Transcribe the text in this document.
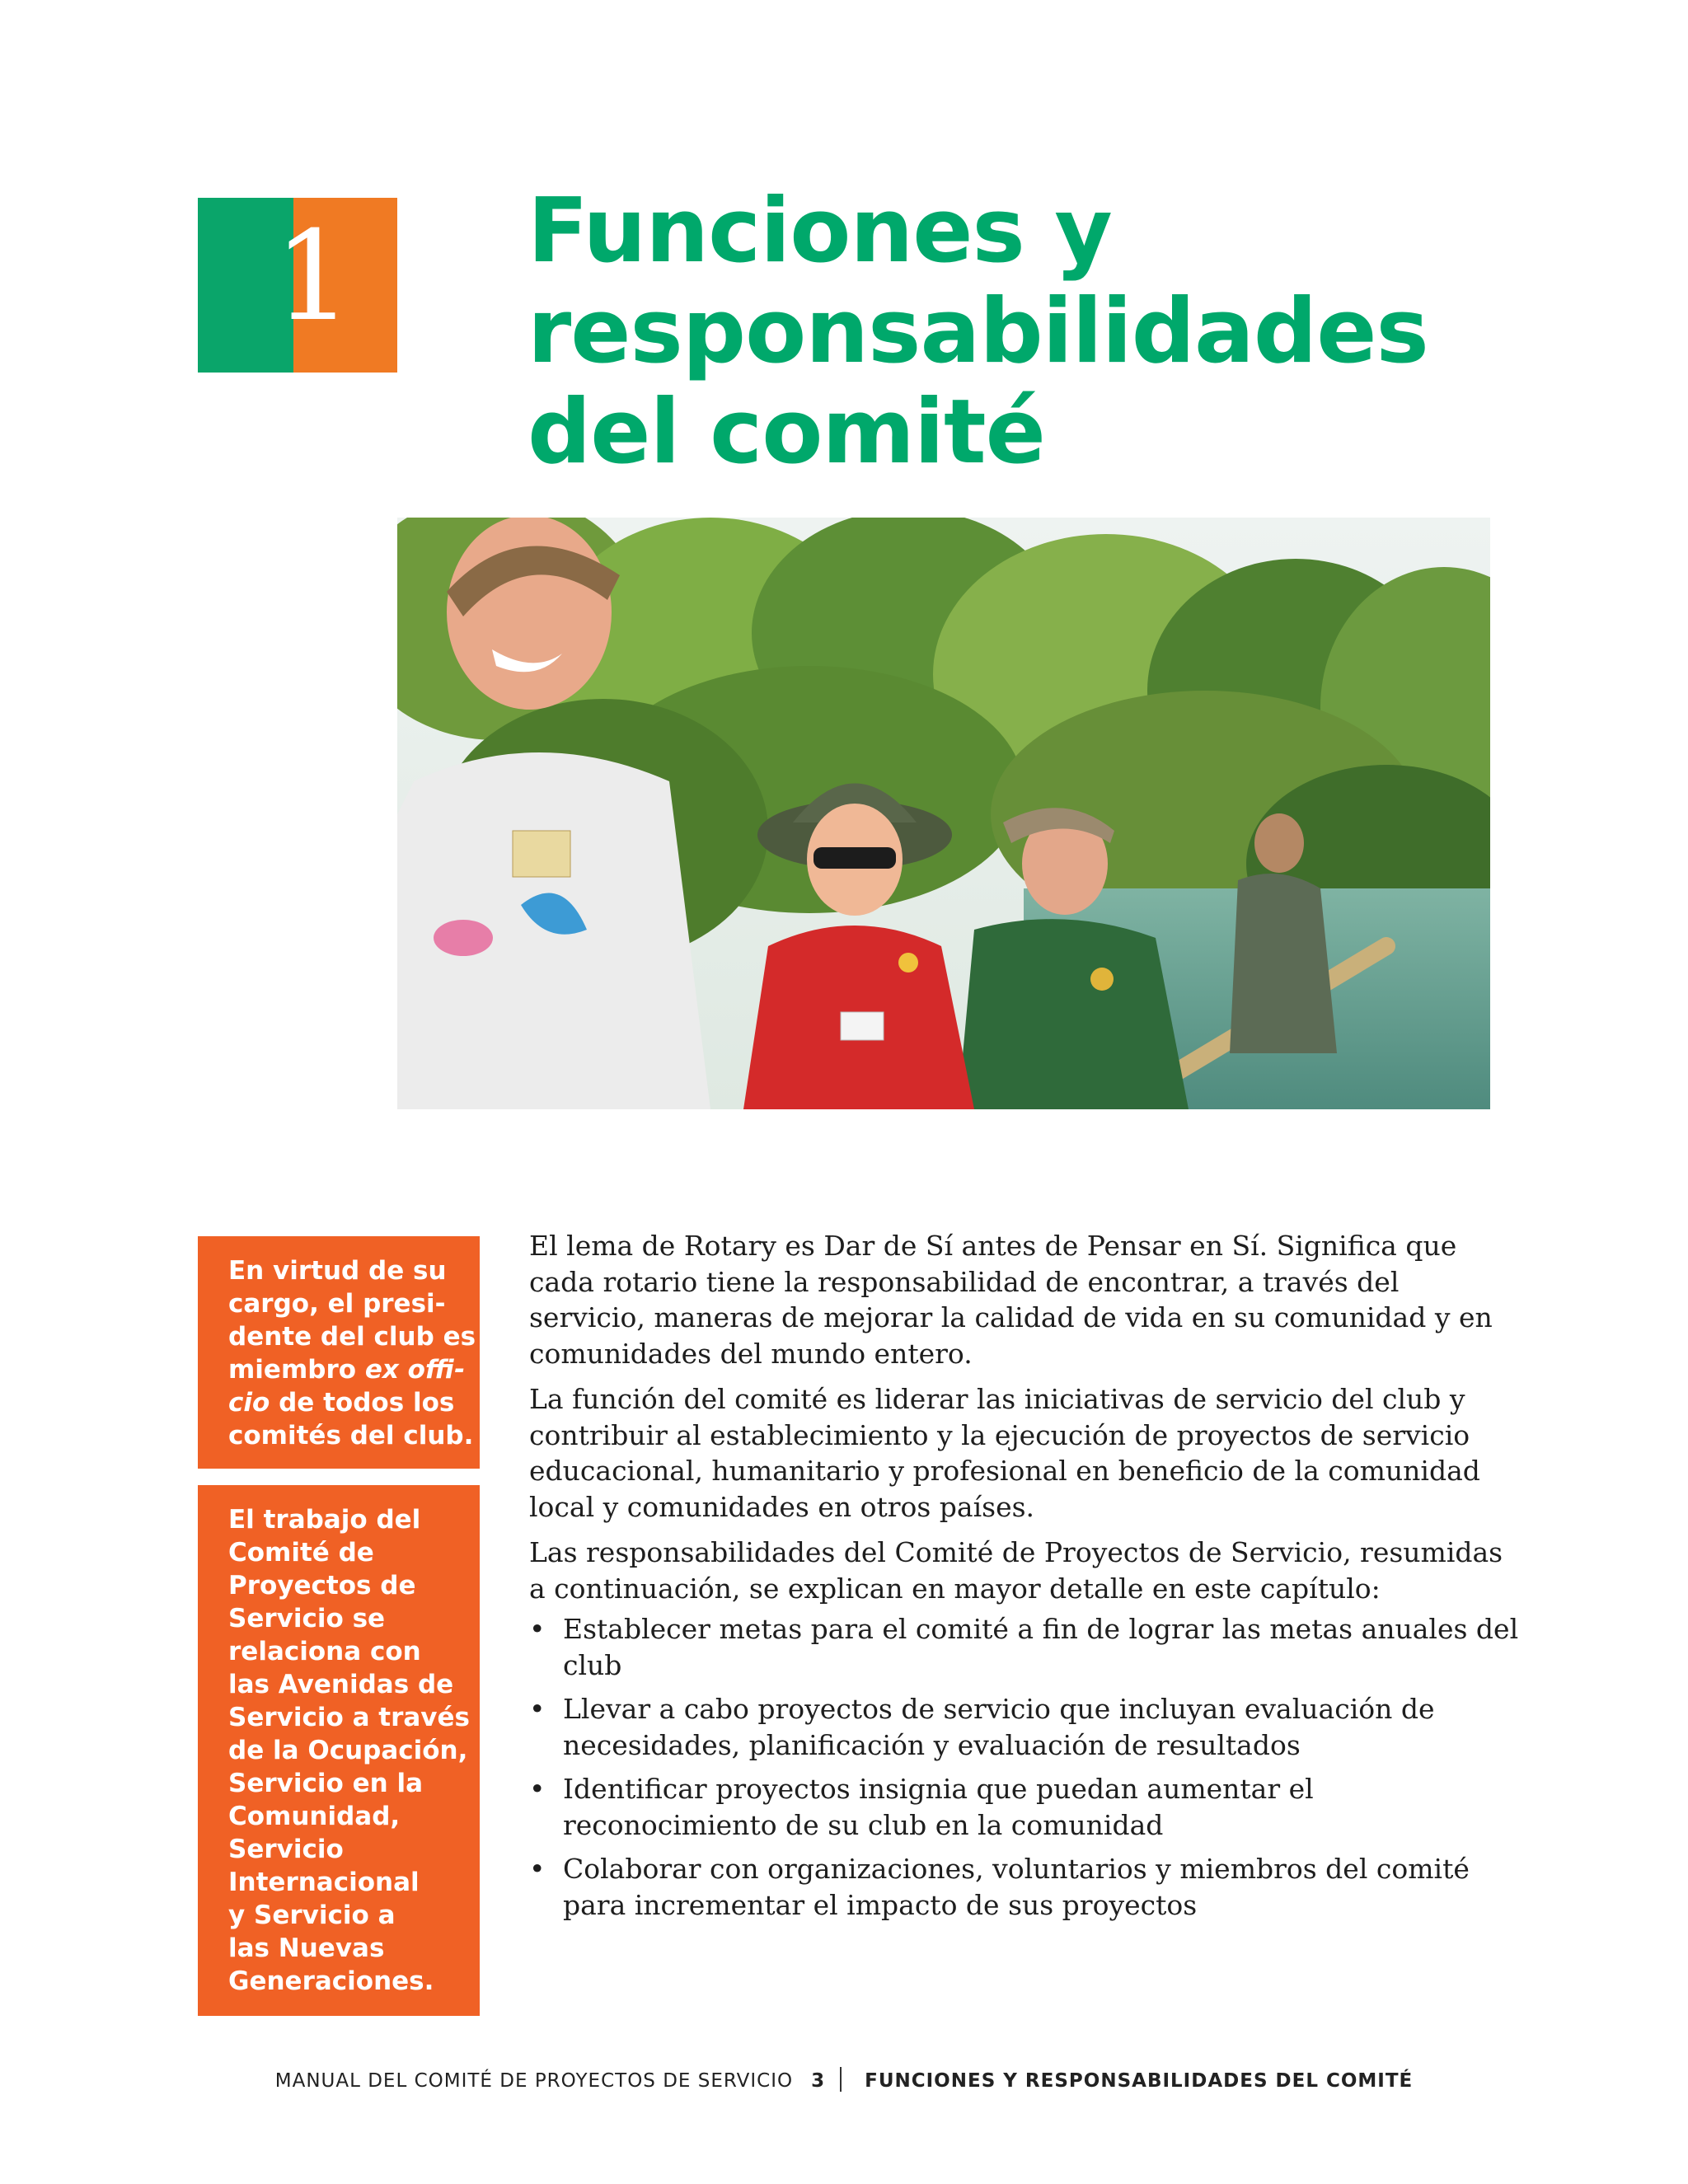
1 Funciones y
responsabilidades
del comité
En virtud de su
cargo, el presi-
dente del club es
miembro ex offi-
cio de todos los
comités del club.
El trabajo del
Comité de
Proyectos de
Servicio se
relaciona con
las Avenidas de
Servicio a través
de la Ocupación,
Servicio en la
Comunidad,
Servicio
Internacional
y Servicio a
las Nuevas
Generaciones.

El lema de Rotary es Dar de Sí antes de Pensar en Sí. Significa que
cada rotario tiene la responsabilidad de encontrar, a través del
servicio, maneras de mejorar la calidad de vida en su comunidad y en
comunidades del mundo entero.

La función del comité es liderar las iniciativas de servicio del club y
contribuir al establecimiento y la ejecución de proyectos de servicio
educacional, humanitario y profesional en beneficio de la comunidad
local y comunidades en otros países.

Las responsabilidades del Comité de Proyectos de Servicio, resumidas
a continuación, se explican en mayor detalle en este capítulo:

• Establecer metas para el comité a fin de lograr las metas anuales del
club
• Llevar a cabo proyectos de servicio que incluyan evaluación de
necesidades, planificación y evaluación de resultados
• Identificar proyectos insignia que puedan aumentar el
reconocimiento de su club en la comunidad
• Colaborar con organizaciones, voluntarios y miembros del comité
para incrementar el impacto de sus proyectos
MANUAL DEL COMITÉ DE PROYECTOS DE SERVICIO 3 FUNCIONES Y RESPONSABILIDADES DEL COMITÉ
